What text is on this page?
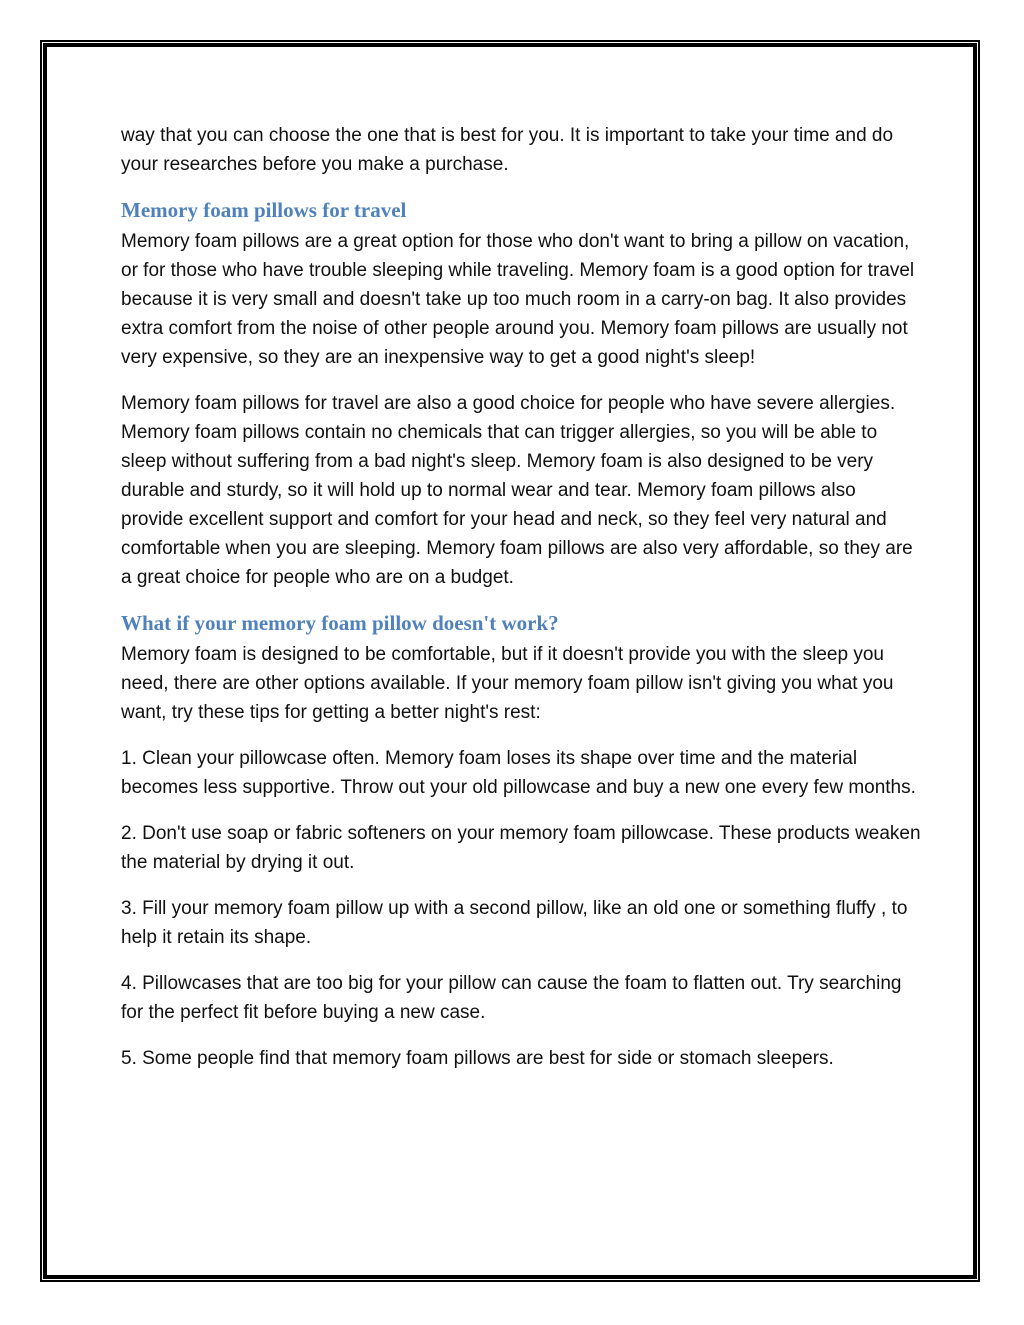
way that you can choose the one that is best for you. It is important to take your time and do your researches before you make a purchase.

Memory foam pillows for travel

Memory foam pillows are a great option for those who don't want to bring a pillow on vacation, or for those who have trouble sleeping while traveling. Memory foam is a good option for travel because it is very small and doesn't take up too much room in a carry-on bag. It also provides extra comfort from the noise of other people around you. Memory foam pillows are usually not very expensive, so they are an inexpensive way to get a good night's sleep!

Memory foam pillows for travel are also a good choice for people who have severe allergies. Memory foam pillows contain no chemicals that can trigger allergies, so you will be able to sleep without suffering from a bad night's sleep. Memory foam is also designed to be very durable and sturdy, so it will hold up to normal wear and tear. Memory foam pillows also provide excellent support and comfort for your head and neck, so they feel very natural and comfortable when you are sleeping. Memory foam pillows are also very affordable, so they are a great choice for people who are on a budget.

What if your memory foam pillow doesn't work?

Memory foam is designed to be comfortable, but if it doesn't provide you with the sleep you need, there are other options available. If your memory foam pillow isn't giving you what you want, try these tips for getting a better night's rest:

1. Clean your pillowcase often. Memory foam loses its shape over time and the material becomes less supportive. Throw out your old pillowcase and buy a new one every few months.

2. Don't use soap or fabric softeners on your memory foam pillowcase. These products weaken the material by drying it out.

3. Fill your memory foam pillow up with a second pillow, like an old one or something fluffy , to help it retain its shape.

4. Pillowcases that are too big for your pillow can cause the foam to flatten out. Try searching for the perfect fit before buying a new case.

5. Some people find that memory foam pillows are best for side or stomach sleepers.
